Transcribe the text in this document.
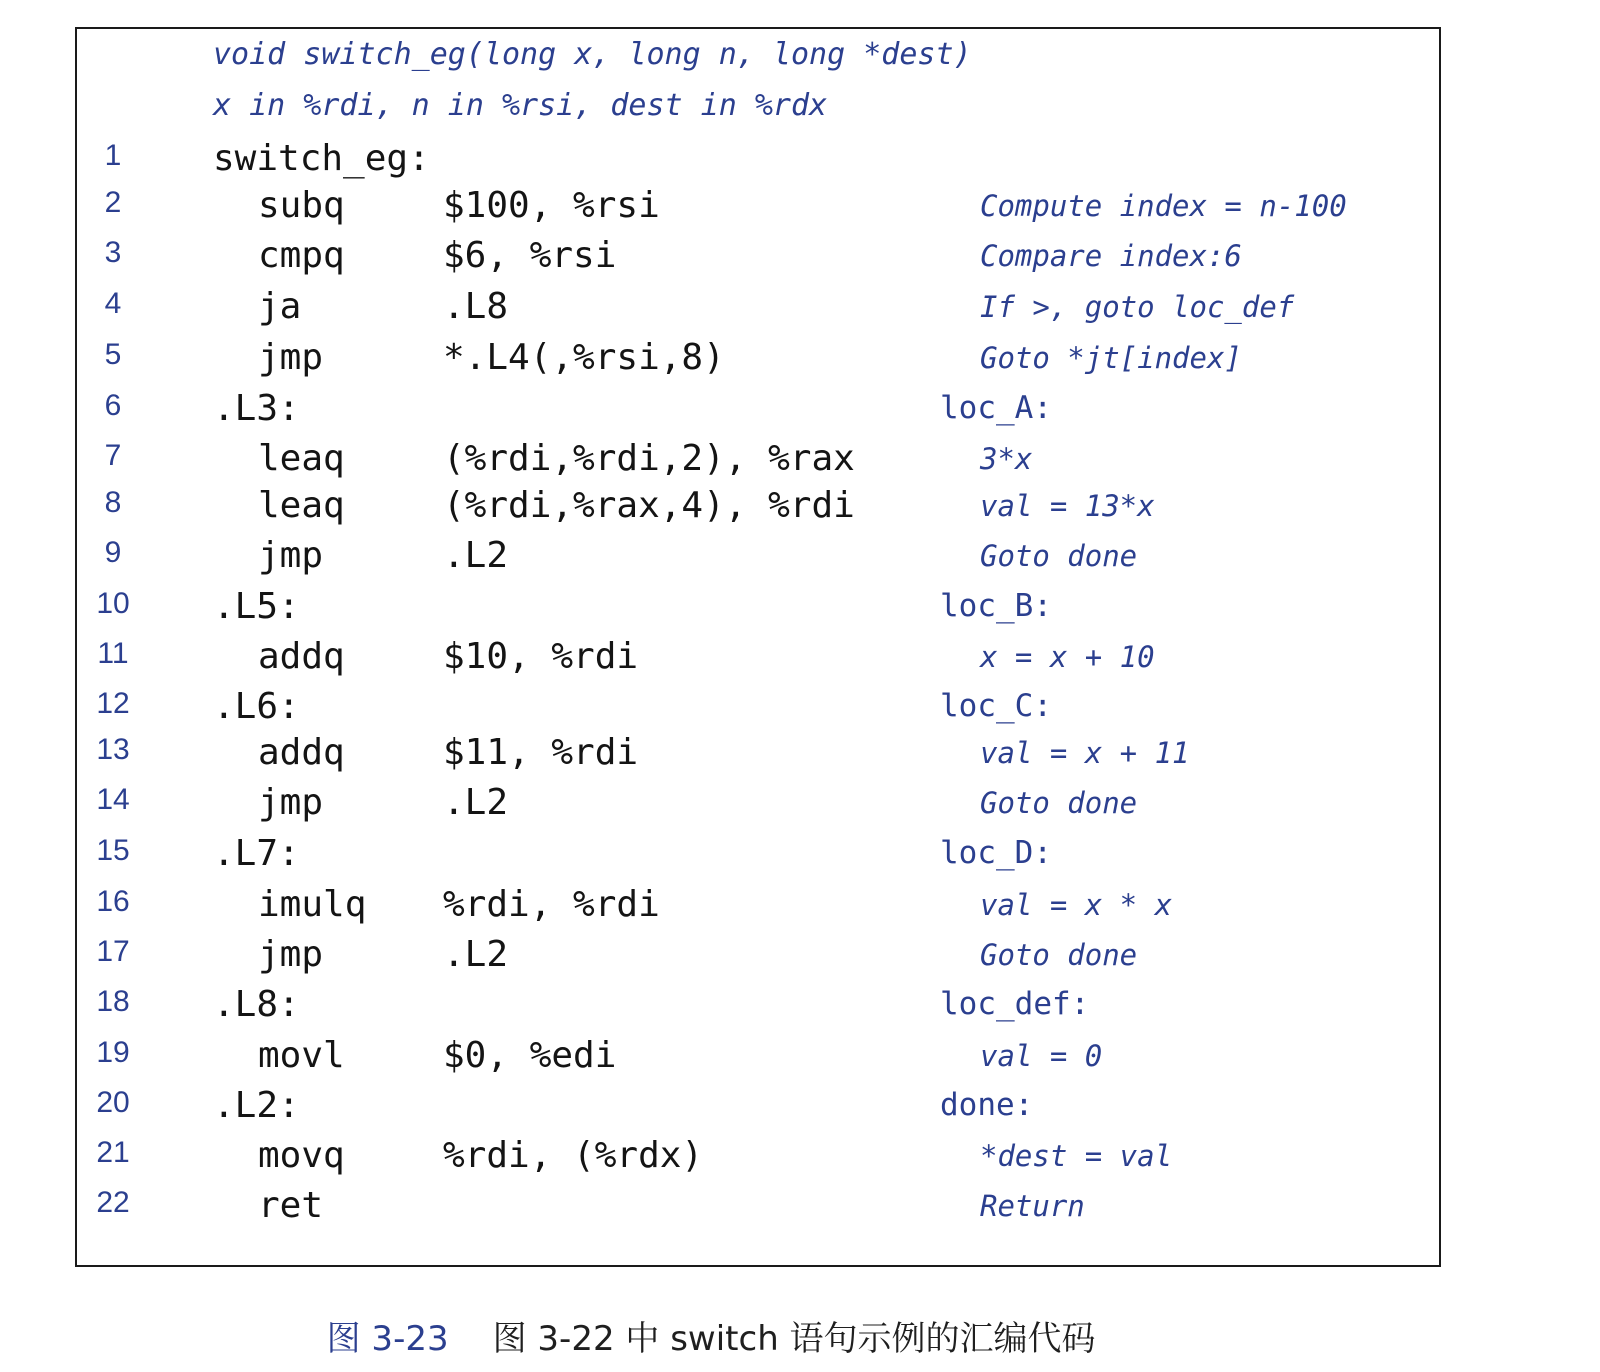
void switch_eg(long x, long n, long *dest)
x in %rdi, n in %rsi, dest in %rdx
1	switch_eg:
2	subq	$100, %rsi	Compute index = n-100
3	cmpq	$6, %rsi	Compare index:6
4	ja	.L8	If >, goto loc_def
5	jmp	*.L4(,%rsi,8)	Goto *jt[index]
6	.L3:	loc_A:
7	leaq	(%rdi,%rdi,2), %rax	3*x
8	leaq	(%rdi,%rax,4), %rdi	val = 13*x
9	jmp	.L2	Goto done
10 .L5:	loc_B:
11	addq	$10, %rdi	x = x + 10
12 .L6:	loc_C:
13	addq	$11, %rdi	val = x + 11
14	jmp	.L2	Goto done
15 .L7:	loc_D:
16	imulq %rdi, %rdi	val = x * x
17	jmp	.L2	Goto done
18 .L8:	loc_def:
19	movl	$0, %edi	val = 0
20 .L2:	done:
21	movq	%rdi, (%rdx)	*dest = val
22	ret	Return

图 3-23 图 3-22 中 switch 语句示例的汇编代码
